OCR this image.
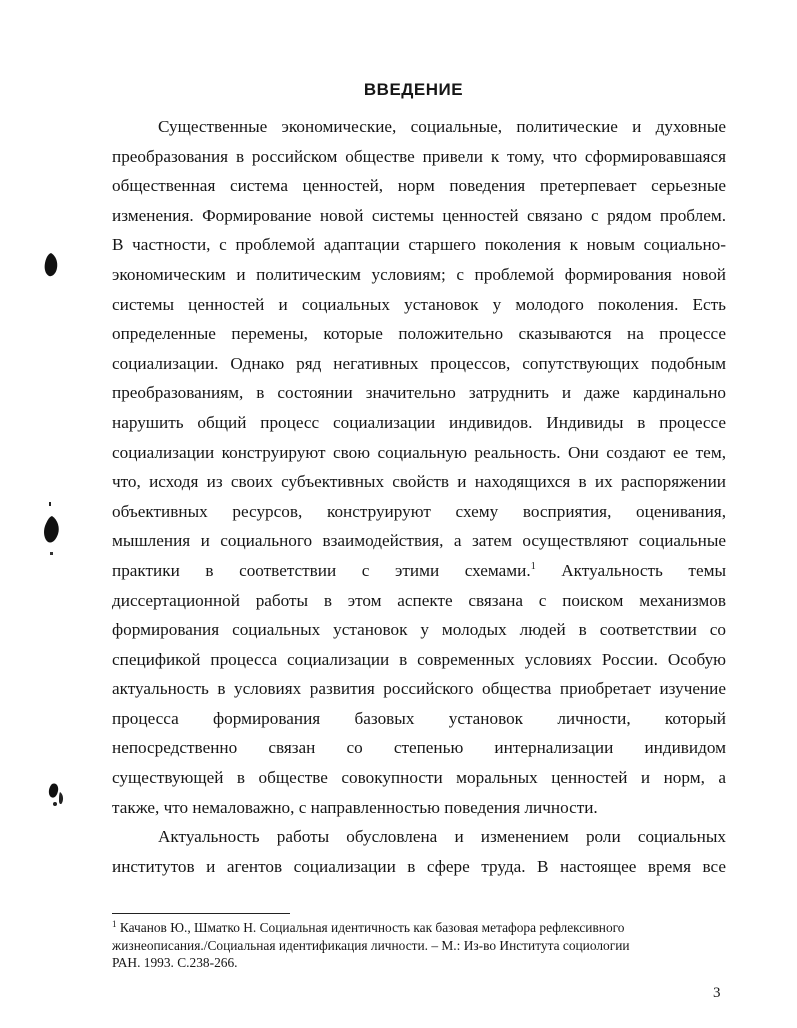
ВВЕДЕНИЕ
Существенные экономические, социальные, политические и духовные
преобразования в российском обществе привели к тому, что сформировавшаяся
общественная система ценностей, норм поведения претерпевает серьезные
изменения. Формирование новой системы ценностей связано с рядом проблем.
В частности, с проблемой адаптации старшего поколения к новым социально-
экономическим и политическим условиям; с проблемой формирования новой
системы ценностей и социальных установок у молодого поколения. Есть
определенные перемены, которые положительно сказываются на процессе
социализации. Однако ряд негативных процессов, сопутствующих подобным
преобразованиям, в состоянии значительно затруднить и даже кардинально
нарушить общий процесс социализации индивидов. Индивиды в процессе
социализации конструируют свою социальную реальность. Они создают ее тем,
что, исходя из своих субъективных свойств и находящихся в их распоряжении
объективных ресурсов, конструируют схему восприятия, оценивания,
мышления и социального взаимодействия, а затем осуществляют социальные
практики в соответствии с этими схемами.$^1$ Актуальность темы
диссертационной работы в этом аспекте связана с поиском механизмов
формирования социальных установок у молодых людей в соответствии со
спецификой процесса социализации в современных условиях России. Особую
актуальность в условиях развития российского общества приобретает изучение
процесса формирования базовых установок личности, который
непосредственно связан со степенью интернализации индивидом
существующей в обществе совокупности моральных ценностей и норм, а
также, что немаловажно, с направленностью поведения личности.
Актуальность работы обусловлена и изменением роли социальных
институтов и агентов социализации в сфере труда. В настоящее время все
$^1$ Качанов Ю., Шматко Н. Социальная идентичность как базовая метафора рефлексивного
жизнеописания./Социальная идентификация личности. – М.: Из-во Института социологии
РАН. 1993. С.238-266.
3
